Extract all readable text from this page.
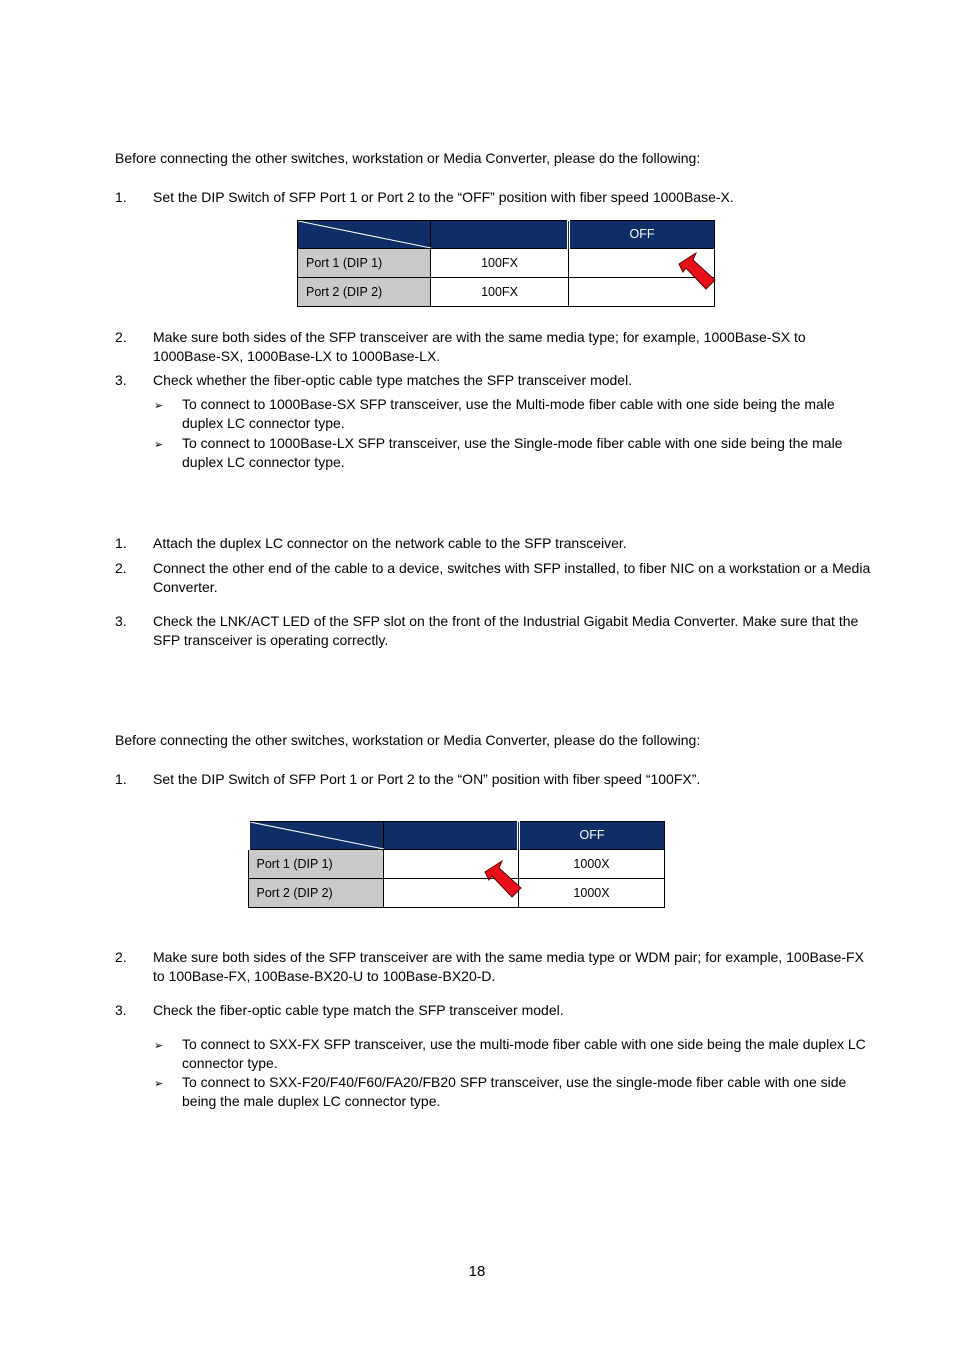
Before connecting the other switches, workstation or Media Converter, please do the following:

1. Set the DIP Switch of SFP Port 1 or Port 2 to the “OFF” position with fiber speed 1000Base-X.
		OFF
Port 1 (DIP 1)	100FX	
Port 2 (DIP 2)	100FX	
2. Make sure both sides of the SFP transceiver are with the same media type; for example, 1000Base-SX to
1000Base-SX, 1000Base-LX to 1000Base-LX.
3. Check whether the fiber-optic cable type matches the SFP transceiver model.
➢ To connect to 1000Base-SX SFP transceiver, use the Multi-mode fiber cable with one side being the male
duplex LC connector type.
➢ To connect to 1000Base-LX SFP transceiver, use the Single-mode fiber cable with one side being the male
duplex LC connector type.
1. Attach the duplex LC connector on the network cable to the SFP transceiver.
2. Connect the other end of the cable to a device, switches with SFP installed, to fiber NIC on a workstation or a Media
Converter.
3. Check the LNK/ACT LED of the SFP slot on the front of the Industrial Gigabit Media Converter. Make sure that the
SFP transceiver is operating correctly.

Before connecting the other switches, workstation or Media Converter, please do the following:

1. Set the DIP Switch of SFP Port 1 or Port 2 to the “ON” position with fiber speed “100FX”.
		OFF
Port 1 (DIP 1)		1000X
Port 2 (DIP 2)		1000X
2. Make sure both sides of the SFP transceiver are with the same media type or WDM pair; for example, 100Base-FX
to 100Base-FX, 100Base-BX20-U to 100Base-BX20-D.
3. Check the fiber-optic cable type match the SFP transceiver model.
➢ To connect to SXX-FX SFP transceiver, use the multi-mode fiber cable with one side being the male duplex LC
connector type.
➢ To connect to SXX-F20/F40/F60/FA20/FB20 SFP transceiver, use the single-mode fiber cable with one side
being the male duplex LC connector type.
18
